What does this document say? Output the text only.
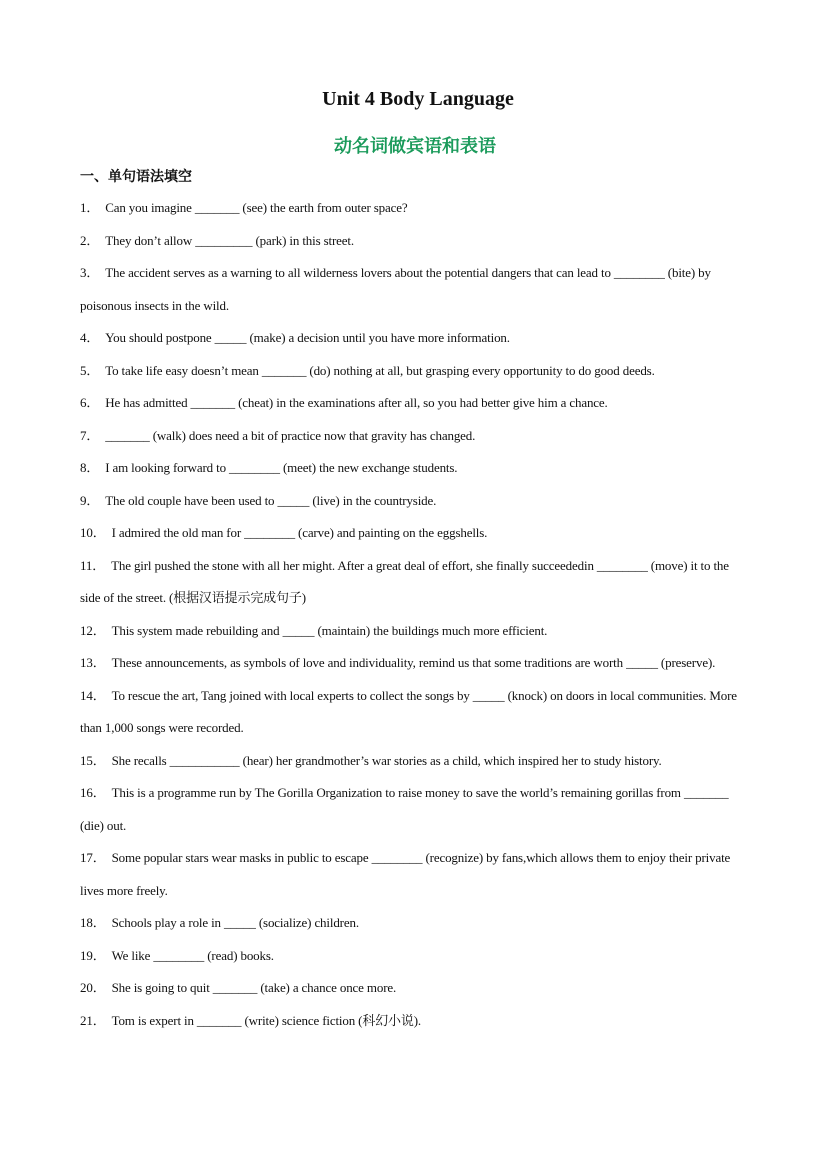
Unit 4 Body Language
动名词做宾语和表语
一、单句语法填空
1． Can you imagine _______ (see) the earth from outer space?
2． They don’t allow _________ (park) in this street.
3． The accident serves as a warning to all wilderness lovers about the potential dangers that can lead to ________ (bite) by poisonous insects in the wild.
4． You should postpone _____ (make) a decision until you have more information.
5． To take life easy doesn’t mean _______ (do) nothing at all, but grasping every opportunity to do good deeds.
6． He has admitted _______ (cheat) in the examinations after all, so you had better give him a chance.
7． _______ (walk) does need a bit of practice now that gravity has changed.
8． I am looking forward to ________ (meet) the new exchange students.
9． The old couple have been used to _____ (live) in the countryside.
10． I admired the old man for ________ (carve) and painting on the eggshells.
11． The girl pushed the stone with all her might. After a great deal of effort, she finally succeededin ________ (move) it to the side of the street. (根据汉语提示完成句子)
12． This system made rebuilding and _____ (maintain) the buildings much more efficient.
13． These announcements, as symbols of love and individuality, remind us that some traditions are worth _____ (preserve).
14． To rescue the art, Tang joined with local experts to collect the songs by _____ (knock) on doors in local communities. More than 1,000 songs were recorded.
15． She recalls ___________ (hear) her grandmother’s war stories as a child, which inspired her to study history.
16． This is a programme run by The Gorilla Organization to raise money to save the world’s remaining gorillas from _______ (die) out.
17． Some popular stars wear masks in public to escape ________ (recognize) by fans,which allows them to enjoy their private lives more freely.
18． Schools play a role in _____ (socialize) children.
19． We like ________ (read) books.
20． She is going to quit _______ (take) a chance once more.
21． Tom is expert in _______ (write) science fiction (科幻小说).
